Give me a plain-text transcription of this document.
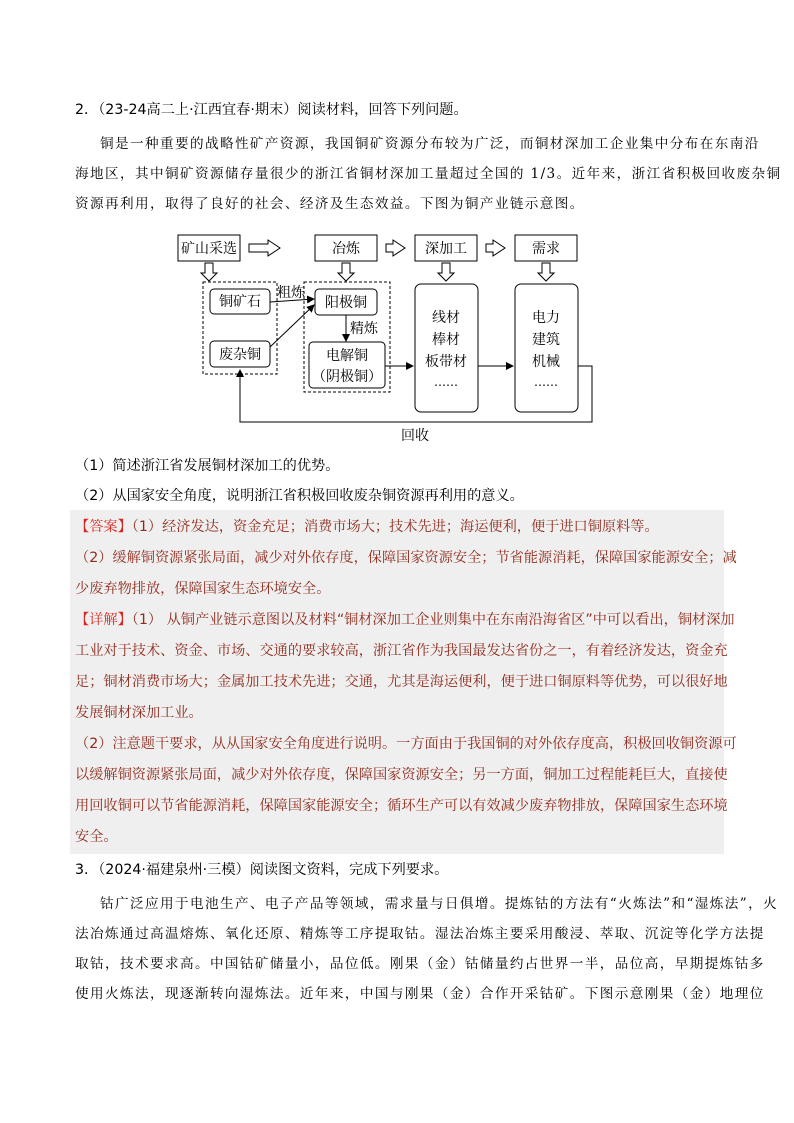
2．（23-24高二上·江西宜春·期末）阅读材料，回答下列问题。
铜是一种重要的战略性矿产资源，我国铜矿资源分布较为广泛，而铜材深加工企业集中分布在东南沿
海地区，其中铜矿资源储存量很少的浙江省铜材深加工量超过全国的 1/3。近年来，浙江省积极回收废杂铜
资源再利用，取得了良好的社会、经济及生态效益。下图为铜产业链示意图。
矿山采选	冶炼	深加工	需求
铜矿石
废杂铜
粗炼
阳极铜
精炼
电解铜
（阴极铜）
线材
棒材
板带材
……
电力
建筑
机械
……
回收
（1）简述浙江省发展铜材深加工的优势。
（2）从国家安全角度，说明浙江省积极回收废杂铜资源再利用的意义。
【答案】（1）经济发达，资金充足；消费市场大；技术先进；海运便利，便于进口铜原料等。
（2）缓解铜资源紧张局面，减少对外依存度，保障国家资源安全；节省能源消耗，保障国家能源安全；减
少废弃物排放，保障国家生态环境安全。
【详解】（1） 从铜产业链示意图以及材料“铜材深加工企业则集中在东南沿海省区”中可以看出，铜材深加
工业对于技术、资金、市场、交通的要求较高，浙江省作为我国最发达省份之一，有着经济发达，资金充
足；铜材消费市场大；金属加工技术先进；交通，尤其是海运便利，便于进口铜原料等优势，可以很好地
发展铜材深加工业。
（2）注意题干要求，从从国家安全角度进行说明。一方面由于我国铜的对外依存度高，积极回收铜资源可
以缓解铜资源紧张局面，减少对外依存度，保障国家资源安全；另一方面，铜加工过程能耗巨大，直接使
用回收铜可以节省能源消耗，保障国家能源安全；循环生产可以有效减少废弃物排放，保障国家生态环境
安全。
3．（2024·福建泉州·三模）阅读图文资料，完成下列要求。
钴广泛应用于电池生产、电子产品等领域，需求量与日俱增。提炼钴的方法有“火炼法”和“湿炼法”，火
法冶炼通过高温熔炼、氧化还原、精炼等工序提取钴。湿法冶炼主要采用酸浸、萃取、沉淀等化学方法提
取钴，技术要求高。中国钴矿储量小，品位低。刚果（金）钴储量约占世界一半，品位高，早期提炼钴多
使用火炼法，现逐渐转向湿炼法。近年来，中国与刚果（金）合作开采钴矿。下图示意刚果（金）地理位
